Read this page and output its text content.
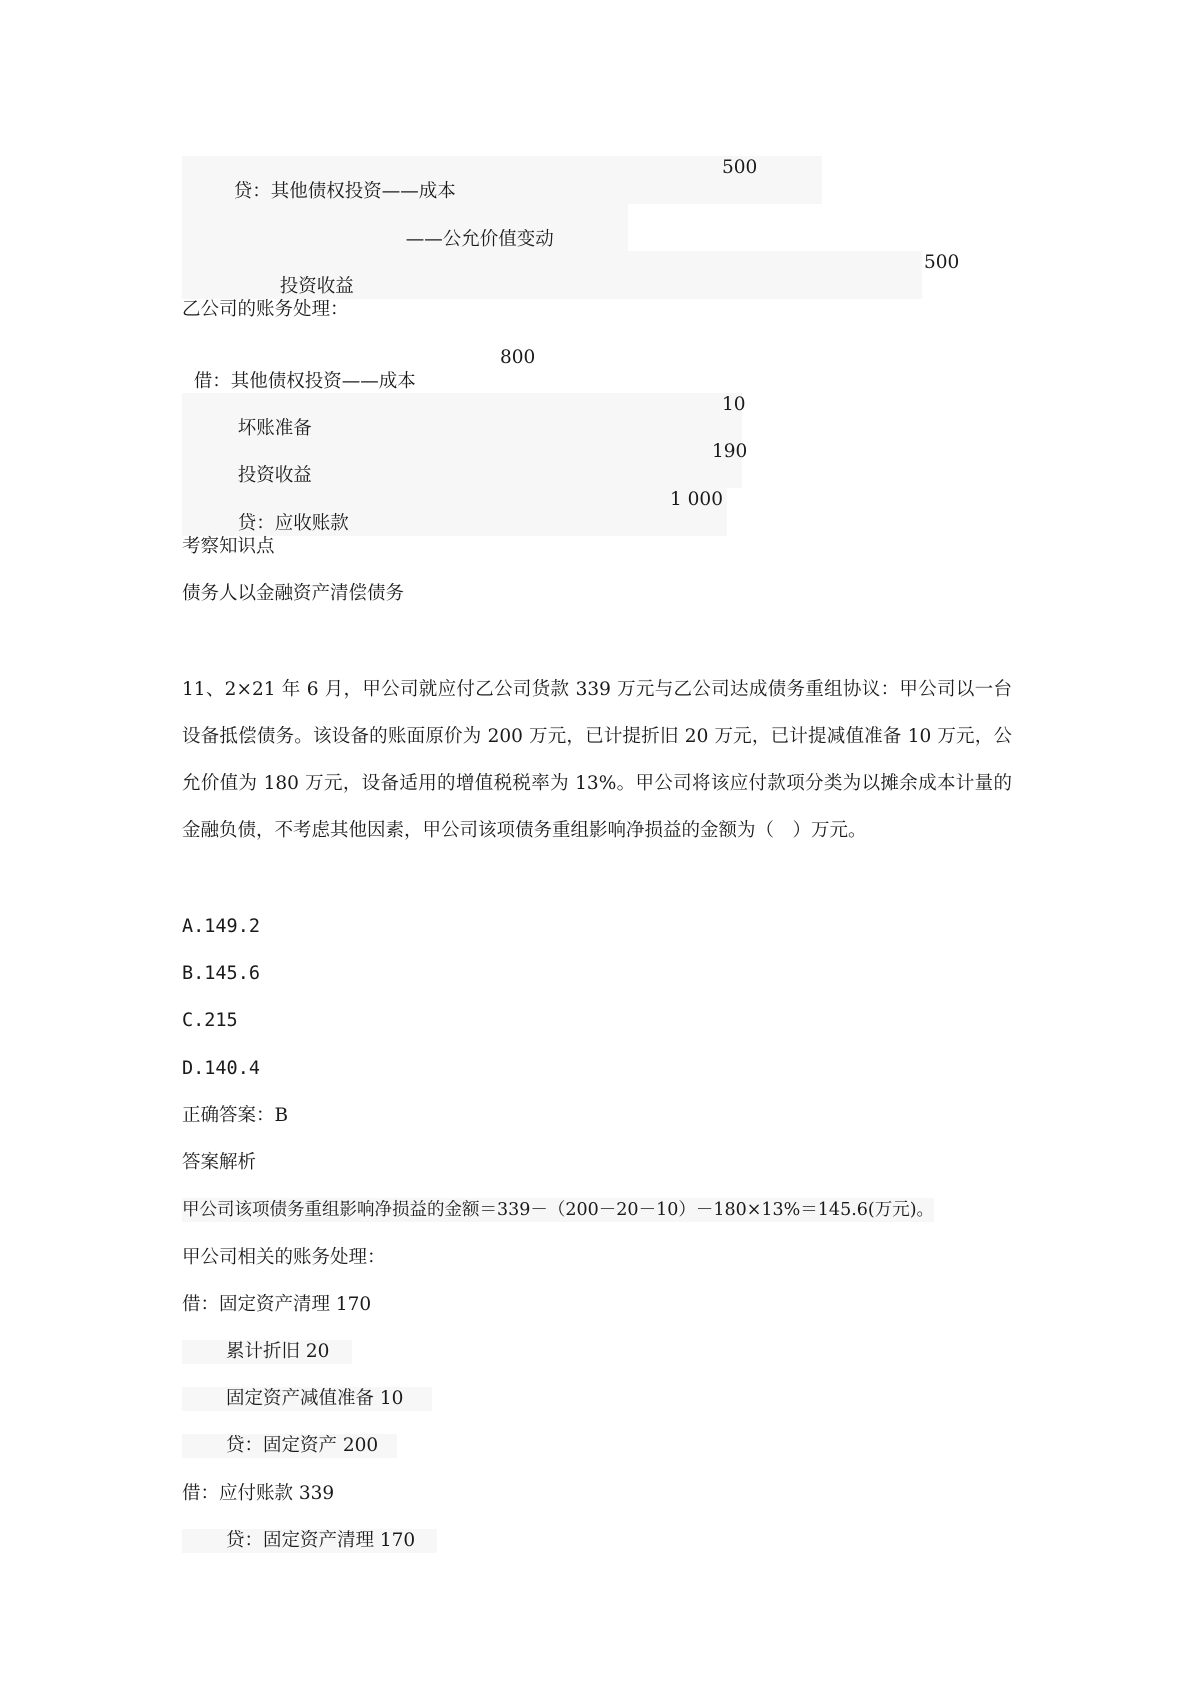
贷：其他债权投资——成本

500

——公允价值变动

投资收益

500
乙公司的账务处理：

借：其他债权投资——成本

800

坏账准备

10

投资收益

190

贷：应收账款

1 000
考察知识点
债务人以金融资产清偿债务
11、2×21 年 6 月，甲公司就应付乙公司货款 339 万元与乙公司达成债务重组协议：甲公司以一台设备抵偿债务。该设备的账面原价为 200 万元，已计提折旧 20 万元，已计提减值准备 10 万元，公允价值为 180 万元，设备适用的增值税税率为 13%。甲公司将该应付款项分类为以摊余成本计量的金融负债，不考虑其他因素，甲公司该项债务重组影响净损益的金额为（　）万元。
A.149.2
B.145.6
C.215
D.140.4
正确答案：B
答案解析
甲公司该项债务重组影响净损益的金额＝339－（200－20－10）－180×13%＝145.6(万元)。
甲公司相关的账务处理：
借：固定资产清理 170
累计折旧 20
固定资产减值准备 10
贷：固定资产 200
借：应付账款 339
贷：固定资产清理 170
